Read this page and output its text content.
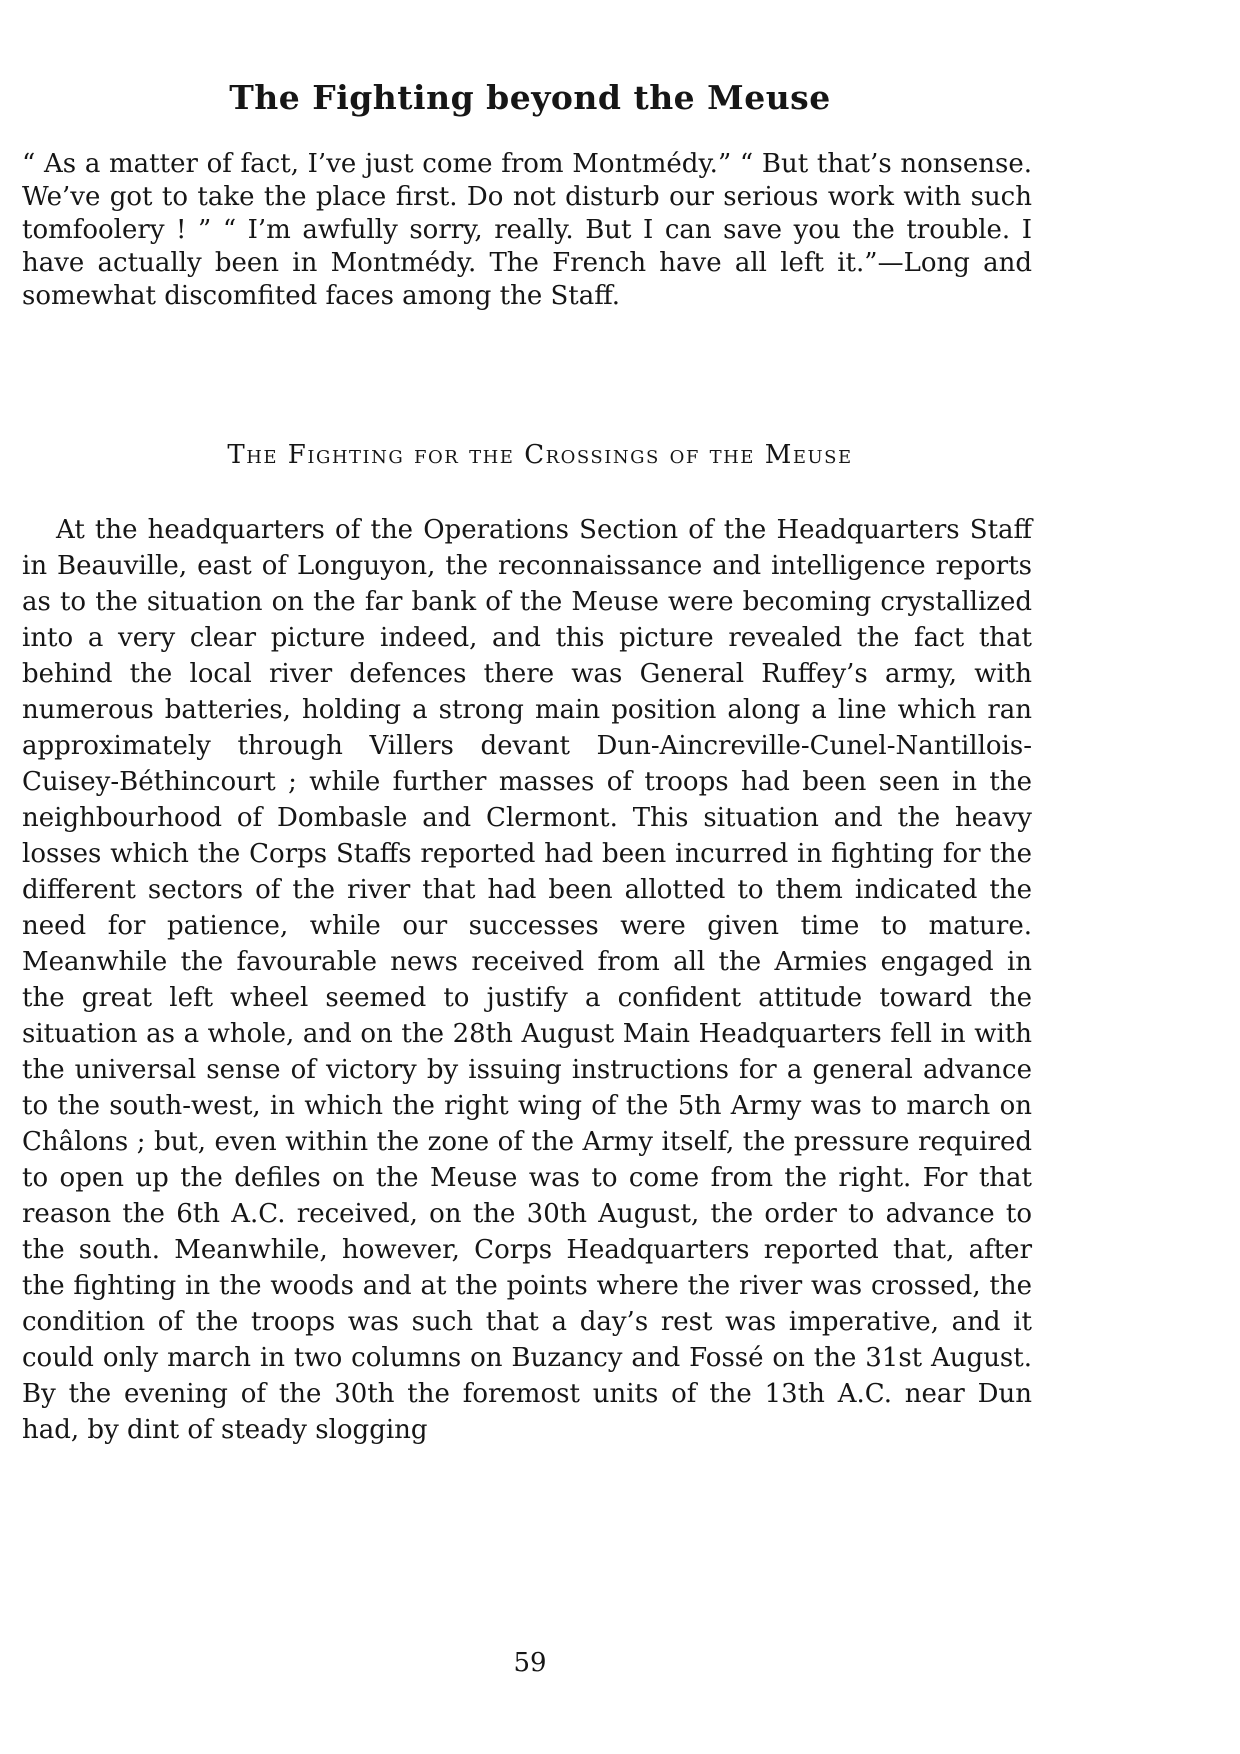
The Fighting beyond the Meuse

“ As a matter of fact, I’ve just come from Montmédy.” “ But that’s nonsense. We’ve got to take the place first. Do not disturb our serious work with such tomfoolery ! ” “ I’m awfully sorry, really. But I can save you the trouble. I have actually been in Montmédy. The French have all left it.”—Long and somewhat discomfited faces among the Staff.

The Fighting for the Crossings of the Meuse

At the headquarters of the Operations Section of the Headquarters Staff in Beauville, east of Longuyon, the reconnaissance and intelligence reports as to the situation on the far bank of the Meuse were becoming crystallized into a very clear picture indeed, and this picture revealed the fact that behind the local river defences there was General Ruffey’s army, with numerous batteries, holding a strong main position along a line which ran approximately through Villers devant Dun-Aincreville-Cunel-Nantillois-Cuisey-Béthincourt ; while further masses of troops had been seen in the neighbourhood of Dombasle and Clermont. This situation and the heavy losses which the Corps Staffs reported had been incurred in fighting for the different sectors of the river that had been allotted to them indicated the need for patience, while our successes were given time to mature. Meanwhile the favourable news received from all the Armies engaged in the great left wheel seemed to justify a confident attitude toward the situation as a whole, and on the 28th August Main Headquarters fell in with the universal sense of victory by issuing instructions for a general advance to the south-west, in which the right wing of the 5th Army was to march on Châlons ; but, even within the zone of the Army itself, the pressure required to open up the defiles on the Meuse was to come from the right. For that reason the 6th A.C. received, on the 30th August, the order to advance to the south. Meanwhile, however, Corps Headquarters reported that, after the fighting in the woods and at the points where the river was crossed, the condition of the troops was such that a day’s rest was imperative, and it could only march in two columns on Buzancy and Fossé on the 31st August. By the evening of the 30th the foremost units of the 13th A.C. near Dun had, by dint of steady slogging

59
